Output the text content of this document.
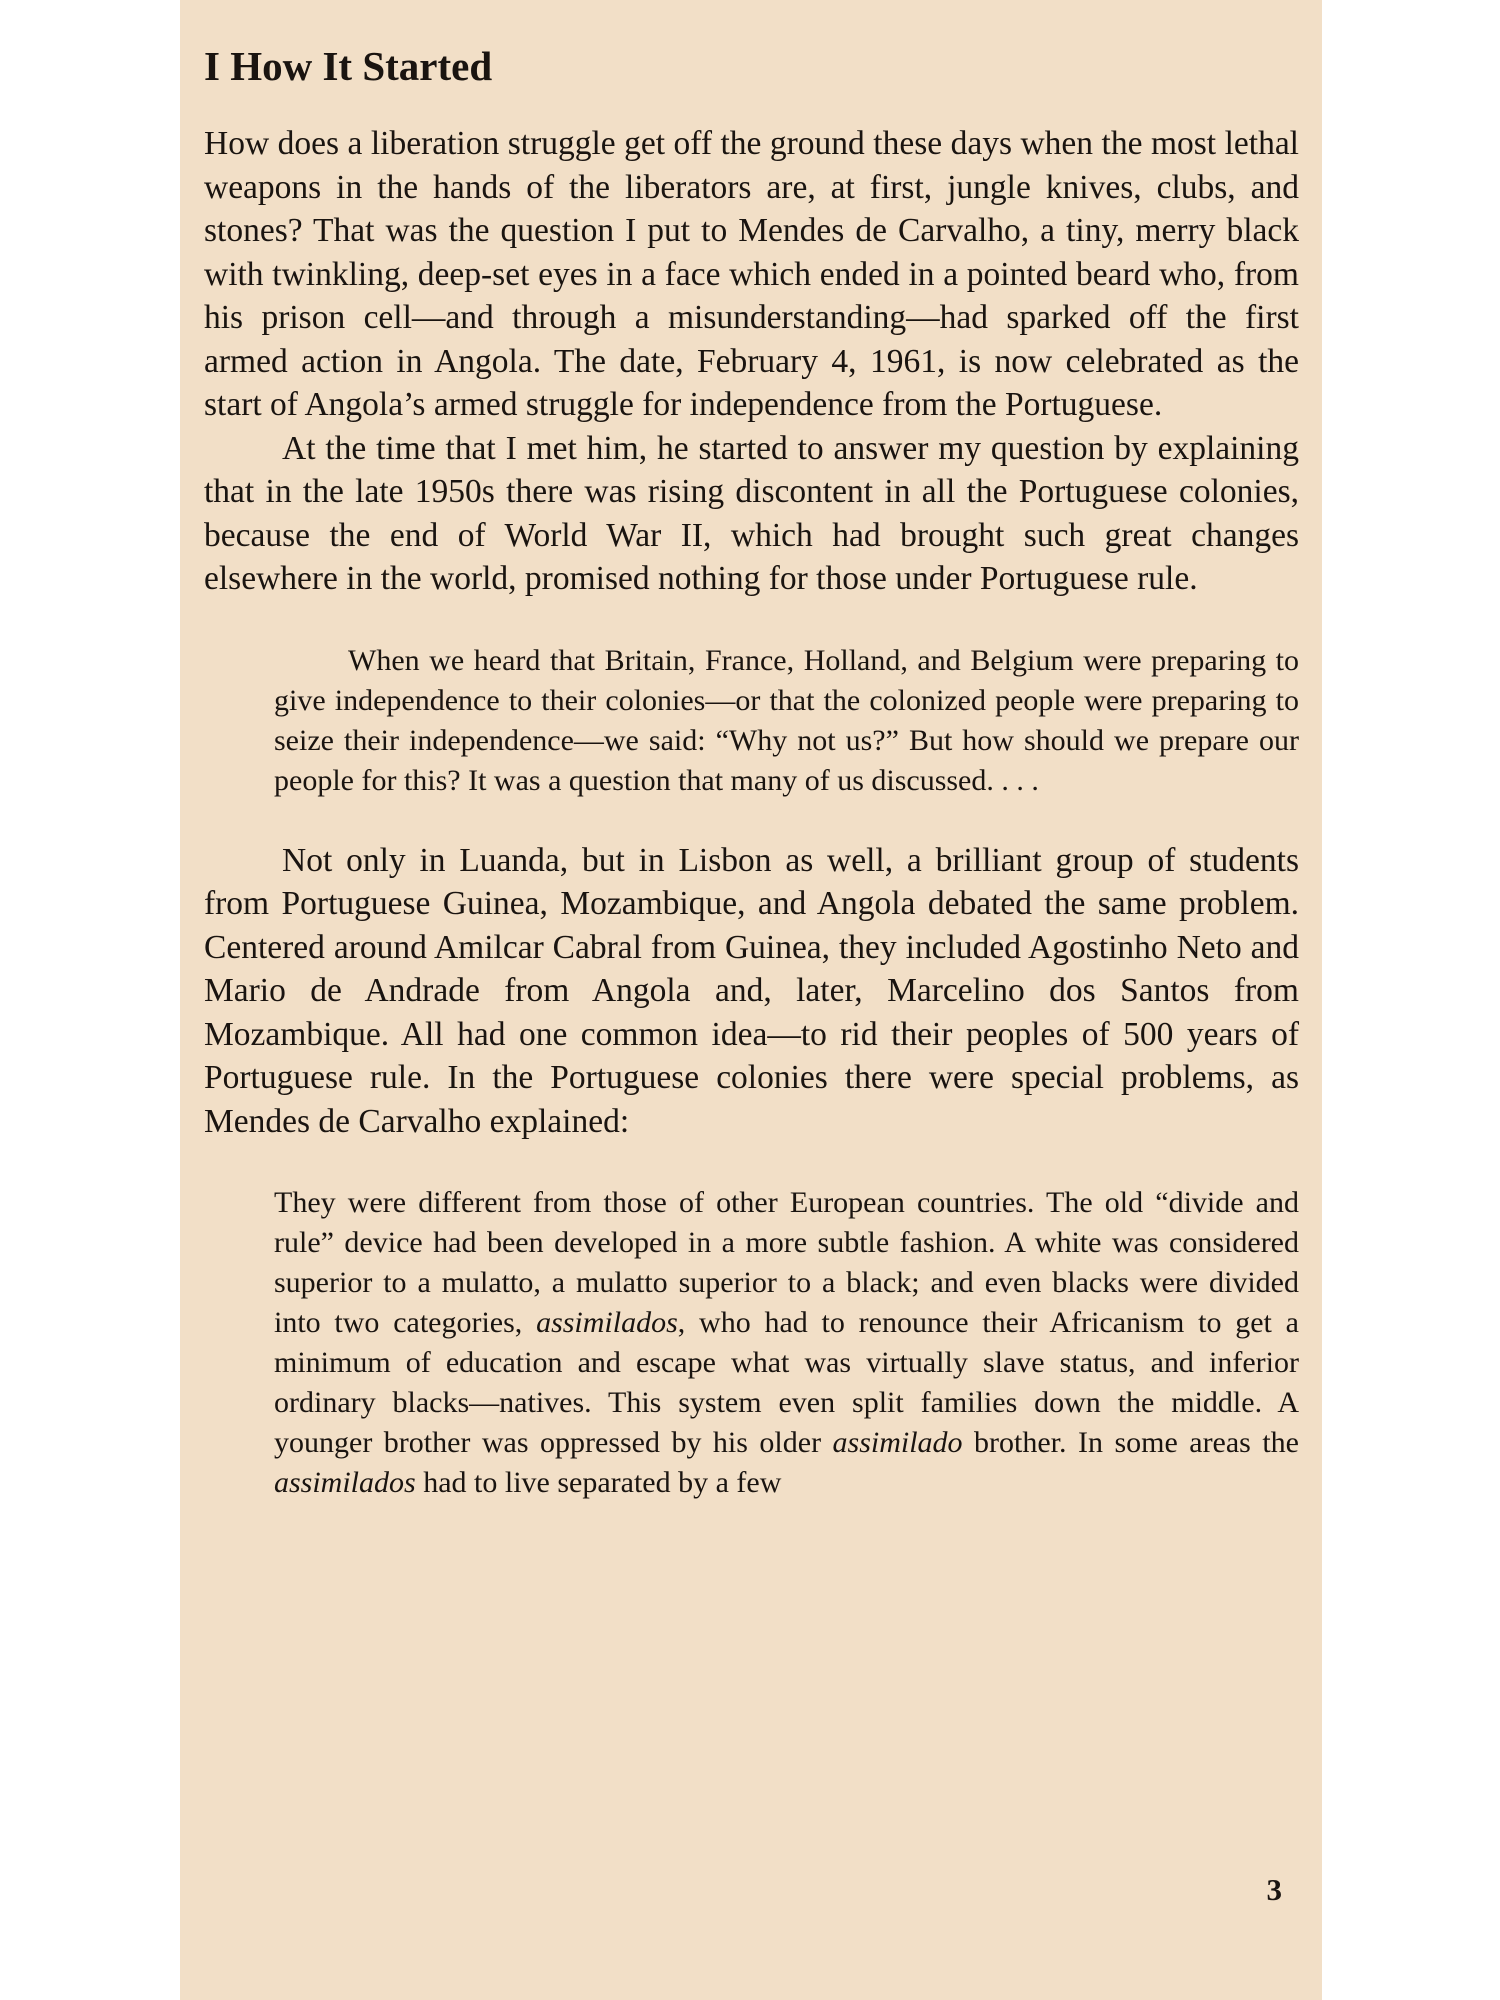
I How It Started

How does a liberation struggle get off the ground these days when the most lethal weapons in the hands of the liberators are, at first, jungle knives, clubs, and stones? That was the question I put to Mendes de Carvalho, a tiny, merry black with twinkling, deep-set eyes in a face which ended in a pointed beard who, from his prison cell—and through a misunderstanding—had sparked off the first armed action in Angola. The date, February 4, 1961, is now celebrated as the start of Angola’s armed struggle for independence from the Portuguese.

At the time that I met him, he started to answer my question by explaining that in the late 1950s there was rising discontent in all the Portuguese colonies, because the end of World War II, which had brought such great changes elsewhere in the world, promised nothing for those under Portuguese rule.

When we heard that Britain, France, Holland, and Belgium were preparing to give independence to their colonies—or that the colonized people were preparing to seize their independence—we said: “Why not us?” But how should we prepare our people for this? It was a question that many of us discussed. . . .

Not only in Luanda, but in Lisbon as well, a brilliant group of students from Portuguese Guinea, Mozambique, and Angola debated the same problem. Centered around Amilcar Cabral from Guinea, they included Agostinho Neto and Mario de Andrade from Angola and, later, Marcelino dos Santos from Mozambique. All had one common idea—to rid their peoples of 500 years of Portuguese rule. In the Portuguese colonies there were special problems, as Mendes de Carvalho explained:

They were different from those of other European countries. The old “divide and rule” device had been developed in a more subtle fashion. A white was considered superior to a mulatto, a mulatto superior to a black; and even blacks were divided into two categories, assimilados, who had to renounce their Africanism to get a minimum of education and escape what was virtually slave status, and inferior ordinary blacks—natives. This system even split families down the middle. A younger brother was oppressed by his older assimilado brother. In some areas the assimilados had to live separated by a few

3
